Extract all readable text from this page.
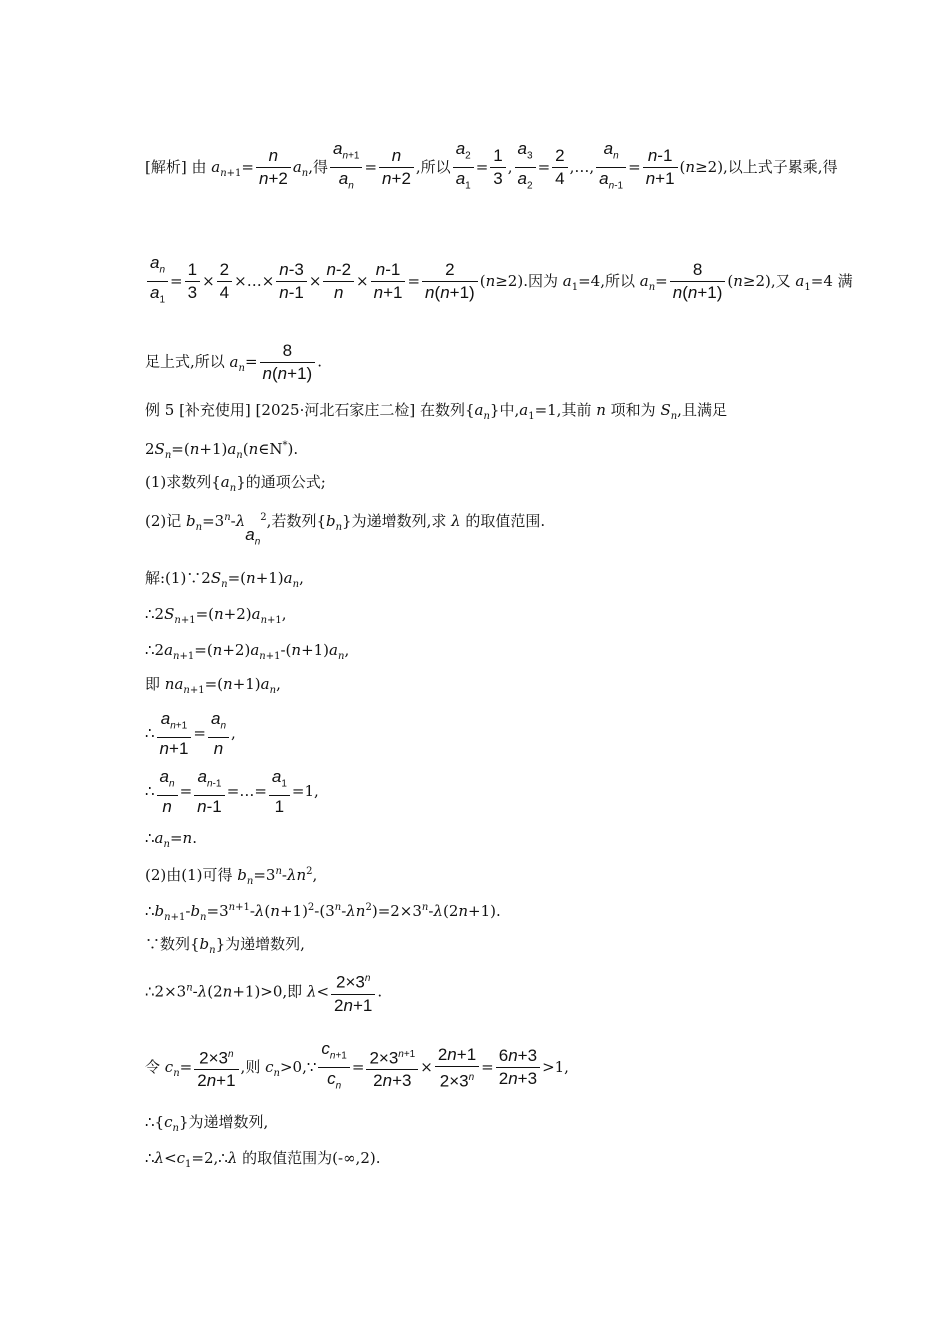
[解析] 由 $a_{n+1}= \frac{n}{n+2} a_n$,得 $\frac{a_{n+1}}{a_n} = \frac{n}{n+2}$ ,所以 $\frac{a_2}{a_1} = \frac{1}{3}$ , $\frac{a_3}{a_2} = \frac{2}{4}$ ,…, $\frac{a_n}{a_{n-1}} = \frac{n-1}{n+1} (n\ge 2)$,以上式子累乘,得
$\frac{a_n}{a_1} = \frac{1}{3} \times \frac{2}{4}$ ×…× $\frac{n-3}{n-1} \times \frac{n-2}{n} \times \frac{n-1}{n+1} = \frac{2}{n(n+1)} (n\ge 2)$.因为 $a_1=4$,所以 $a_n= \frac{8}{n(n+1)} (n\ge 2)$,又 $a_1=4$ 满
足上式,所以 $a_n= \frac{8}{n(n+1)}$ .
例 5 [补充使用] [2025·河北石家庄二检] 在数列$\{a_n\}$中$,a_1=1$,其前 n 项和为 $S_n$,且满足
$2S_n=(n+1)a_n(n\in N^*)$.
(1)求数列$\{a_n\}$的通项公式;
(2)记 $b_n=3^n-\lambda a_n^2$,若数列$\{b_n\}$为递增数列,求 λ 的取值范围.
解$:(1)\because 2S_n=(n+1)a_n$,
$\therefore 2S_{n+1}=(n+2)a_{n+1}$,
$\therefore 2a_{n+1}=(n+2)a_{n+1}-(n+1)a_n$,
即 $na_{n+1}=(n+1)a_n$,
∴ $\frac{a_{n+1}}{n+1} = \frac{a_n}{n}$ ,
∴ $\frac{a_n}{n} = \frac{a_{n-1}}{n-1}$ =…= $\frac{a_1}{1} =1$,
$\therefore a_n=n$.
(2)由(1)可得 $b_n=3^n-\lambda n^2$,
$\therefore b_{n+1}-b_n=3^{n+1}-\lambda(n+1)^2-(3^n-\lambda n^2)=2\times 3^n-\lambda(2n+1)$.
∵数列$\{b_n\}$为递增数列,
$\therefore 2\times 3^n-\lambda(2n+1)>0$,即 $\lambda< \frac{2\times 3^n}{2n+1}$ .
令 $c_n= \frac{2\times 3^n}{2n+1}$ ,则 $c_n>0,\because \frac{c_{n+1}}{c_n} = \frac{2\times 3^{n+1}}{2n+3} \times \frac{2n+1}{2\times 3^n} = \frac{6n+3}{2n+3} >1$,
$\therefore\{c_n\}$为递增数列,
$\therefore\lambda<c_1=2,\therefore\lambda$ 的取值范围为(-∞,2).
